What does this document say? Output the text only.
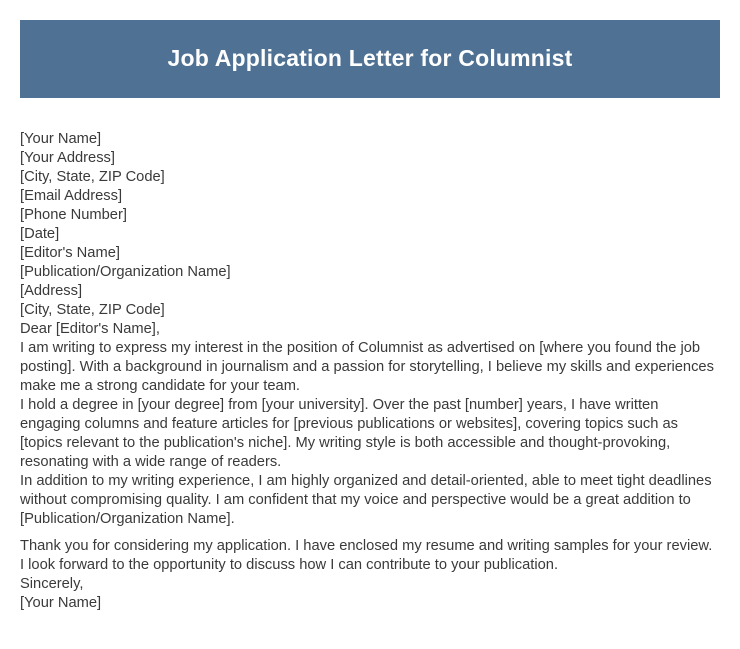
Job Application Letter for Columnist
[Your Name]
[Your Address]
[City, State, ZIP Code]
[Email Address]
[Phone Number]
[Date]
[Editor's Name]
[Publication/Organization Name]
[Address]
[City, State, ZIP Code]
Dear [Editor's Name],

I am writing to express my interest in the position of Columnist as advertised on [where you found the job posting]. With a background in journalism and a passion for storytelling, I believe my skills and experiences make me a strong candidate for your team.

I hold a degree in [your degree] from [your university]. Over the past [number] years, I have written engaging columns and feature articles for [previous publications or websites], covering topics such as [topics relevant to the publication's niche]. My writing style is both accessible and thought-provoking, resonating with a wide range of readers.

In addition to my writing experience, I am highly organized and detail-oriented, able to meet tight deadlines without compromising quality. I am confident that my voice and perspective would be a great addition to [Publication/Organization Name].

Thank you for considering my application. I have enclosed my resume and writing samples for your review. I look forward to the opportunity to discuss how I can contribute to your publication.

Sincerely,
[Your Name]
